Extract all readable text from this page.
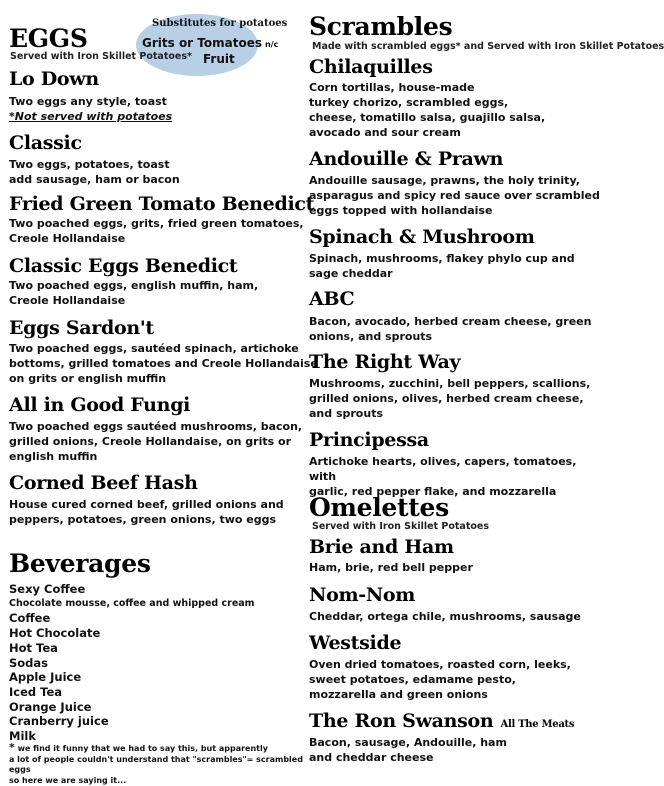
Substitutes for potatoes
Grits or Tomatoes n/c
Fruit
EGGS
Served with Iron Skillet Potatoes*
Lo Down
Two eggs any style, toast
*Not served with potatoes
Classic
Two eggs, potatoes, toast
add sausage, ham or bacon
Fried Green Tomato Benedict
Two poached eggs, grits, fried green tomatoes,
Creole Hollandaise
Classic Eggs Benedict
Two poached eggs, english muffin, ham,
Creole Hollandaise
Eggs Sardon't
Two poached eggs, sautéed spinach, artichoke
bottoms, grilled tomatoes and Creole Hollandaise
on grits or english muffin
All in Good Fungi
Two poached eggs sautéed mushrooms, bacon,
grilled onions, Creole Hollandaise, on grits or
english muffin
Corned Beef Hash
House cured corned beef, grilled onions and
peppers, potatoes, green onions, two eggs
Beverages
Sexy Coffee
Chocolate mousse, coffee and whipped cream
Coffee
Hot Chocolate
Hot Tea
Sodas
Apple Juice
Iced Tea
Orange Juice
Cranberry juice
Milk
* we find it funny that we had to say this, but apparently
a lot of people couldn't understand that "scrambles"= scrambled eggs
so here we are saying it...
Scrambles
Made with scrambled eggs* and Served with Iron Skillet Potatoes
Chilaquilles
Corn tortillas, house-made
turkey chorizo, scrambled eggs,
cheese, tomatillo salsa, guajillo salsa,
avocado and sour cream
Andouille & Prawn
Andouille sausage, prawns, the holy trinity,
asparagus and spicy red sauce over scrambled
eggs topped with hollandaise
Spinach & Mushroom
Spinach, mushrooms, flakey phylo cup and
sage cheddar
ABC
Bacon, avocado, herbed cream cheese, green
onions, and sprouts
The Right Way
Mushrooms, zucchini, bell peppers, scallions,
grilled onions, olives, herbed cream cheese,
and sprouts
Principessa
Artichoke hearts, olives, capers, tomatoes, with
garlic, red pepper flake, and mozzarella
Omelettes
Served with Iron Skillet Potatoes
Brie and Ham
Ham, brie, red bell pepper
Nom-Nom
Cheddar, ortega chile, mushrooms, sausage
Westside
Oven dried tomatoes, roasted corn, leeks,
sweet potatoes, edamame pesto,
mozzarella and green onions
The Ron Swanson All The Meats
Bacon, sausage, Andouille, ham
and cheddar cheese
